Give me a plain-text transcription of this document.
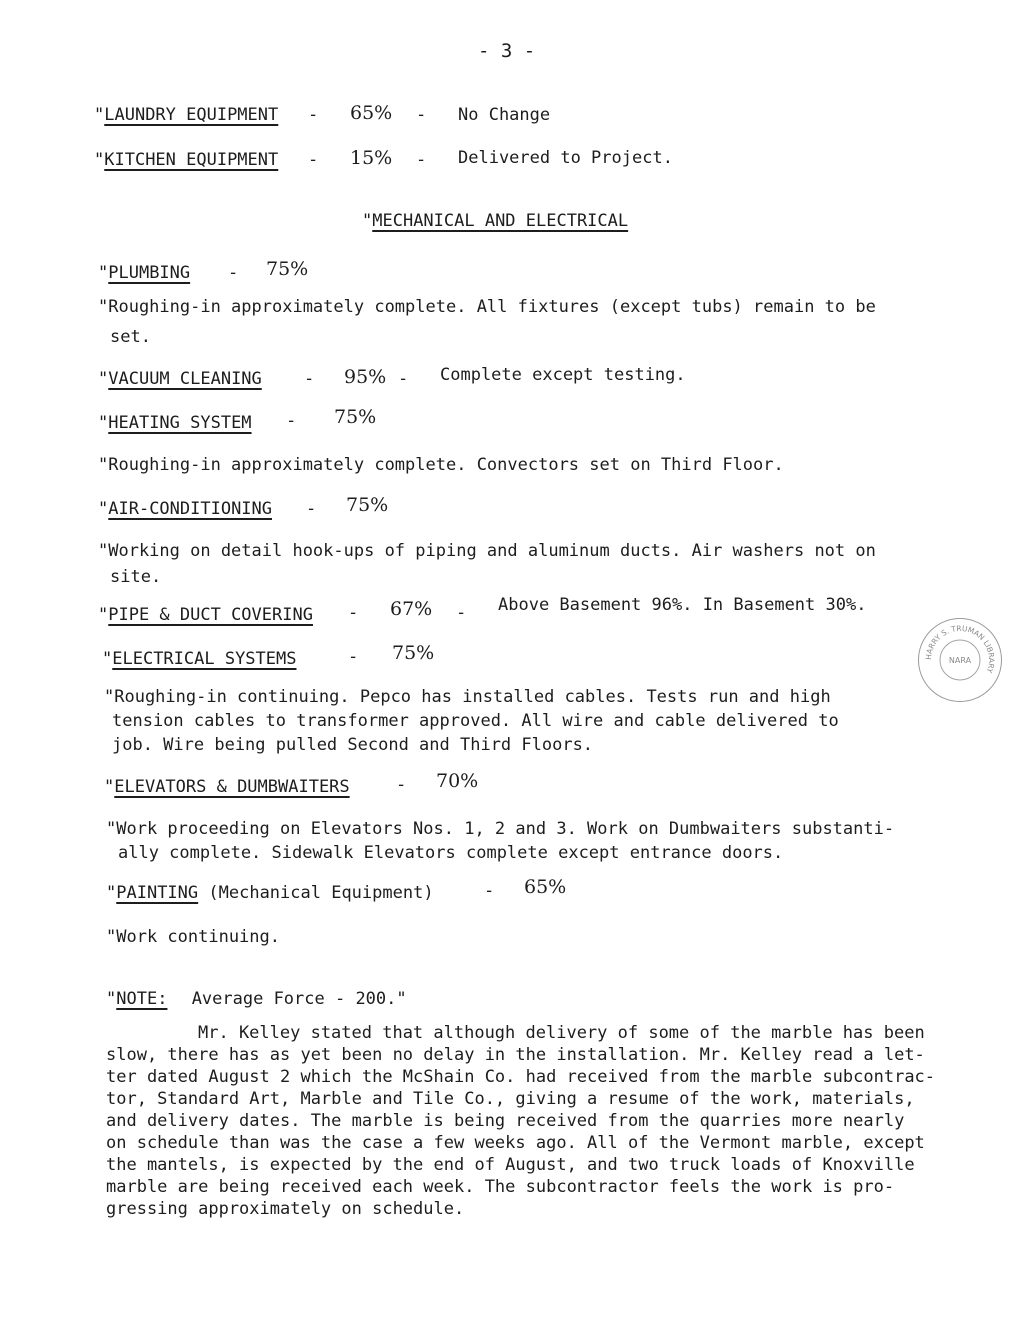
- 3 -
"LAUNDRY EQUIPMENT - 65% - No Change
"KITCHEN EQUIPMENT - 15% - Delivered to Project.
"MECHANICAL AND ELECTRICAL
"PLUMBING - 75%
"Roughing-in approximately complete. All fixtures (except tubs) remain to be
set.
"VACUUM CLEANING - 95% - Complete except testing.
"HEATING SYSTEM - 75%
"Roughing-in approximately complete. Convectors set on Third Floor.
"AIR-CONDITIONING - 75%
"Working on detail hook-ups of piping and aluminum ducts. Air washers not on
site.
"PIPE & DUCT COVERING - 67% - Above Basement 96%. In Basement 30%.
"ELECTRICAL SYSTEMS	- 75%
"Roughing-in continuing. Pepco has installed cables. Tests run and high
tension cables to transformer approved. All wire and cable delivered to
job. Wire being pulled Second and Third Floors.
"ELEVATORS & DUMBWAITERS	- 70%
"Work proceeding on Elevators Nos. 1, 2 and 3. Work on Dumbwaiters substanti-
ally complete. Sidewalk Elevators complete except entrance doors.
"PAINTING (Mechanical Equipment)	- 65%
"Work continuing.
"NOTE: Average Force - 200."
Mr. Kelley stated that although delivery of some of the marble has been
slow, there has as yet been no delay in the installation. Mr. Kelley read a let-
ter dated August 2 which the McShain Co. had received from the marble subcontrac-
tor, Standard Art, Marble and Tile Co., giving a resume of the work, materials,
and delivery dates. The marble is being received from the quarries more nearly
on schedule than was the case a few weeks ago. All of the Vermont marble, except
the mantels, is expected by the end of August, and two truck loads of Knoxville
marble are being received each week. The subcontractor feels the work is pro-
gressing approximately on schedule.
HARRY S. TRUMAN LIBRARY
NARA
